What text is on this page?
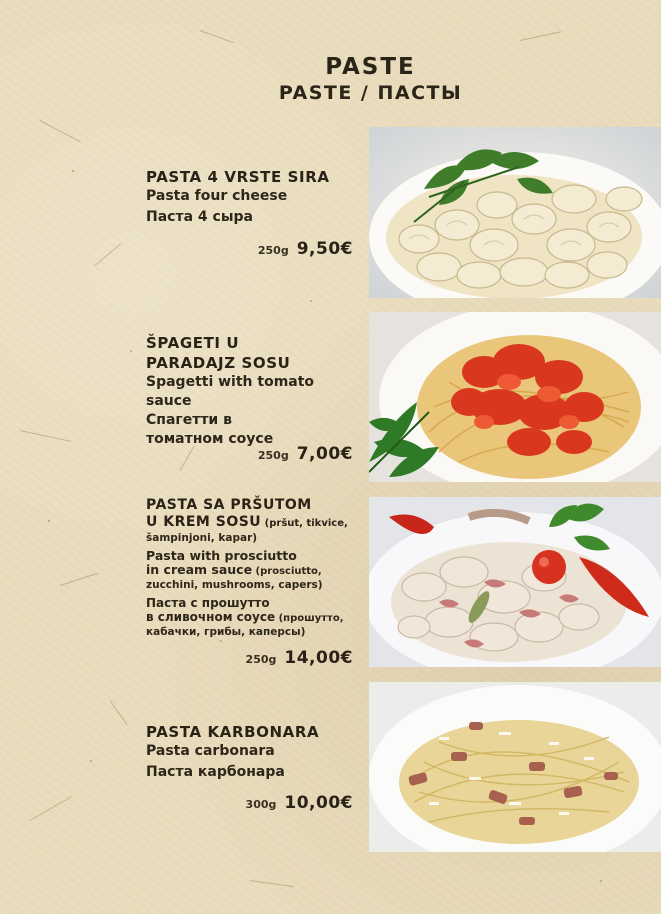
PASTE
PASTE / ПАСТЫ
PASTA 4 VRSTE SIRA
Pasta four cheese
Паста 4 сыра
250g 9,50€
ŠPAGETI U
PARADAJZ SOSU
Spagetti with tomato sauce
Спагетти в
томатном соусе
250g 7,00€
PASTA SA PRŠUTOM
U KREM SOSU (pršut, tikvice,
šampinjoni, kapar)
Pasta with prosciutto
in cream sauce (prosciutto,
zucchini, mushrooms, capers)
Паста с прошутто
в сливочном соусе (прошутто,
кабачки, грибы, каперсы)
250g 14,00€
PASTA KARBONARA
Pasta carbonara
Паста карбонара
300g 10,00€
